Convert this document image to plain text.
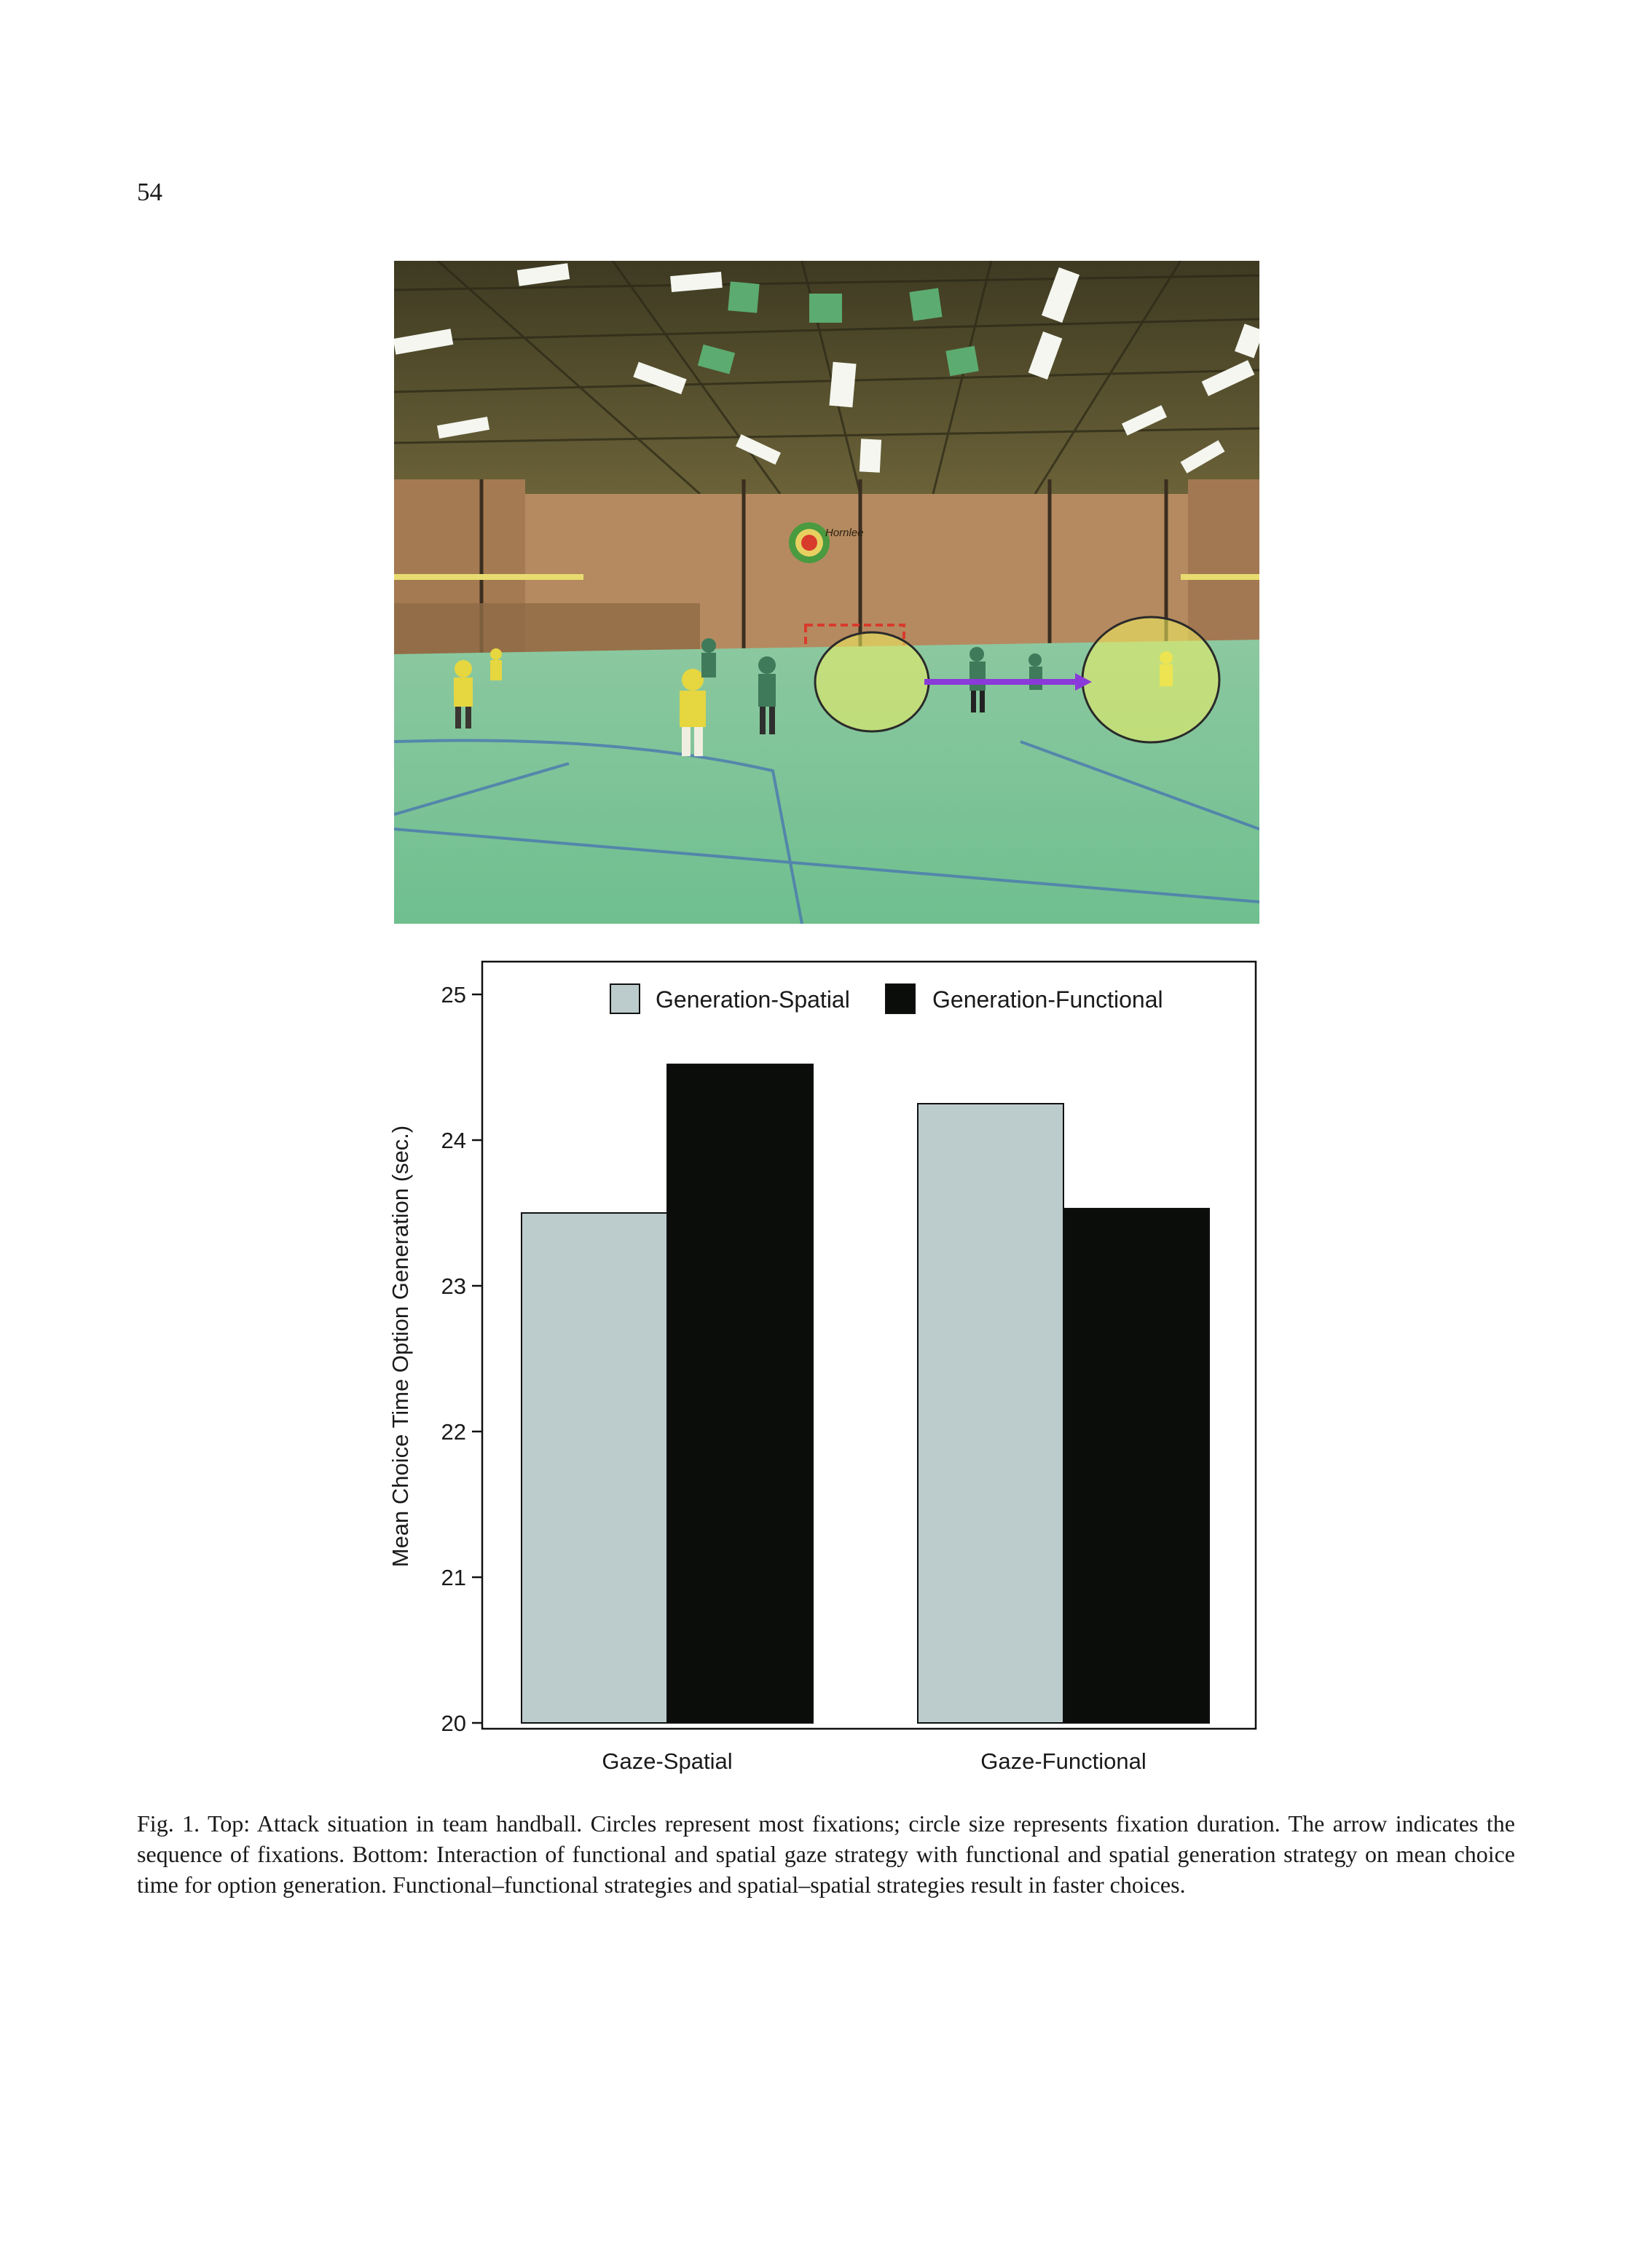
54
Hornlee
20
21
22
23
24
25
Gaze-Spatial	Gaze-Functional
Generation-Spatial	Generation-Functional
Mean Choice Time Option Generation (sec.)
Fig. 1. Top: Attack situation in team handball. Circles represent most fixations; circle size represents fixation duration. The arrow indicates the sequence of fixations. Bottom: Interaction of functional and spatial gaze strategy with functional and spatial generation strategy on mean choice time for option generation. Functional–functional strategies and spatial–spatial strategies result in faster choices.
